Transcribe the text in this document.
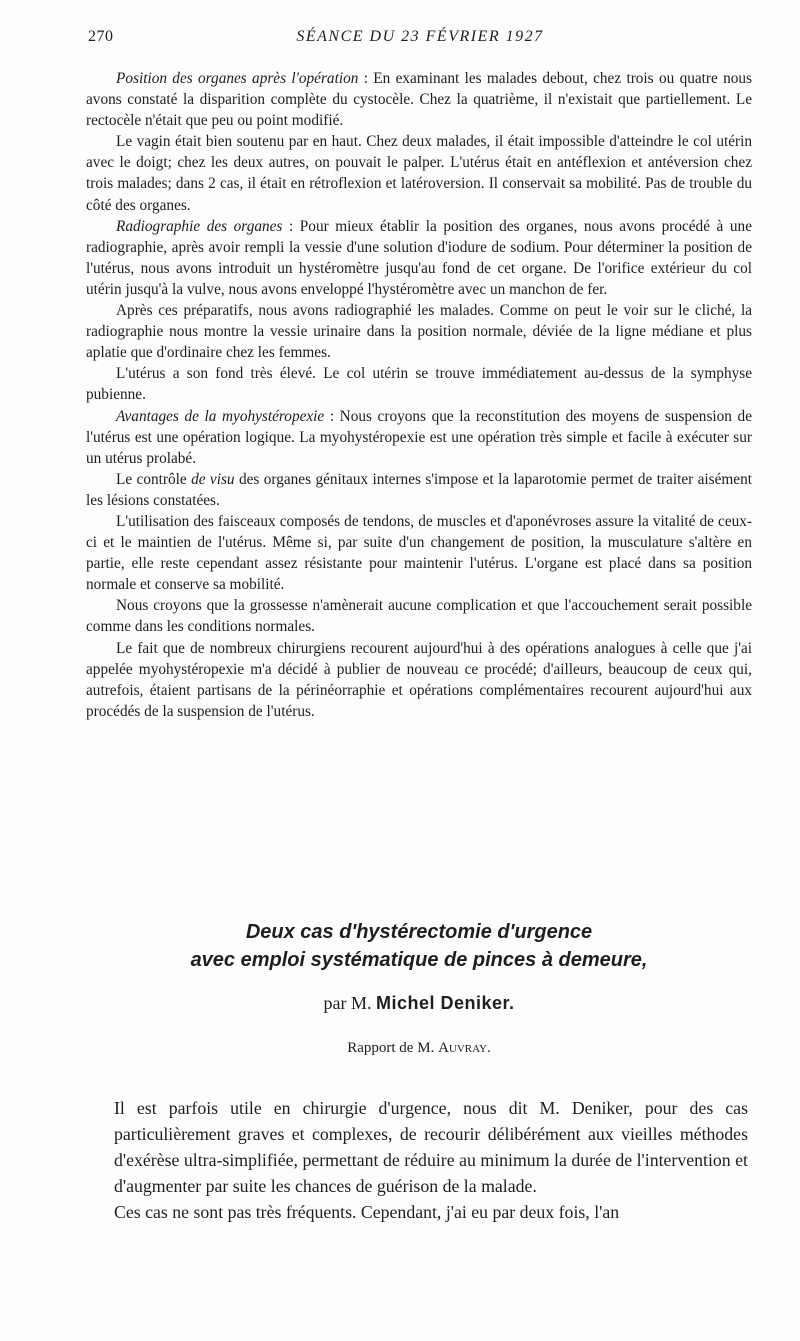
270	SÉANCE DU 23 FÉVRIER 1927

Position des organes après l'opération : En examinant les malades debout, chez trois ou quatre nous avons constaté la disparition complète du cystocèle. Chez la quatrième, il n'existait que partiellement. Le rectocèle n'était que peu ou point modifié.

Le vagin était bien soutenu par en haut. Chez deux malades, il était impossible d'atteindre le col utérin avec le doigt; chez les deux autres, on pouvait le palper. L'utérus était en antéflexion et antéversion chez trois malades; dans 2 cas, il était en rétroflexion et latéroversion. Il conservait sa mobilité. Pas de trouble du côté des organes.

Radiographie des organes : Pour mieux établir la position des organes, nous avons procédé à une radiographie, après avoir rempli la vessie d'une solution d'iodure de sodium. Pour déterminer la position de l'utérus, nous avons introduit un hystéromètre jusqu'au fond de cet organe. De l'orifice extérieur du col utérin jusqu'à la vulve, nous avons enveloppé l'hystéromètre avec un manchon de fer.

Après ces préparatifs, nous avons radiographié les malades. Comme on peut le voir sur le cliché, la radiographie nous montre la vessie urinaire dans la position normale, déviée de la ligne médiane et plus aplatie que d'ordinaire chez les femmes.

L'utérus a son fond très élevé. Le col utérin se trouve immédiatement au-dessus de la symphyse pubienne.

Avantages de la myohystéropexie : Nous croyons que la reconstitution des moyens de suspension de l'utérus est une opération logique. La myohystéropexie est une opération très simple et facile à exécuter sur un utérus prolabé.

Le contrôle de visu des organes génitaux internes s'impose et la laparotomie permet de traiter aisément les lésions constatées.

L'utilisation des faisceaux composés de tendons, de muscles et d'aponévroses assure la vitalité de ceux-ci et le maintien de l'utérus. Même si, par suite d'un changement de position, la musculature s'altère en partie, elle reste cependant assez résistante pour maintenir l'utérus. L'organe est placé dans sa position normale et conserve sa mobilité.

Nous croyons que la grossesse n'amènerait aucune complication et que l'accouchement serait possible comme dans les conditions normales.

Le fait que de nombreux chirurgiens recourent aujourd'hui à des opérations analogues à celle que j'ai appelée myohystéropexie m'a décidé à publier de nouveau ce procédé; d'ailleurs, beaucoup de ceux qui, autrefois, étaient partisans de la périnéorraphie et opérations complémentaires recourent aujourd'hui aux procédés de la suspension de l'utérus.

Deux cas d'hystérectomie d'urgence
avec emploi systématique de pinces à demeure,
par M. Michel Deniker.
Rapport de M. Auvray.

Il est parfois utile en chirurgie d'urgence, nous dit M. Deniker, pour des cas particulièrement graves et complexes, de recourir délibérément aux vieilles méthodes d'exérèse ultra-simplifiée, permettant de réduire au minimum la durée de l'intervention et d'augmenter par suite les chances de guérison de la malade.

Ces cas ne sont pas très fréquents. Cependant, j'ai eu par deux fois, l'an
